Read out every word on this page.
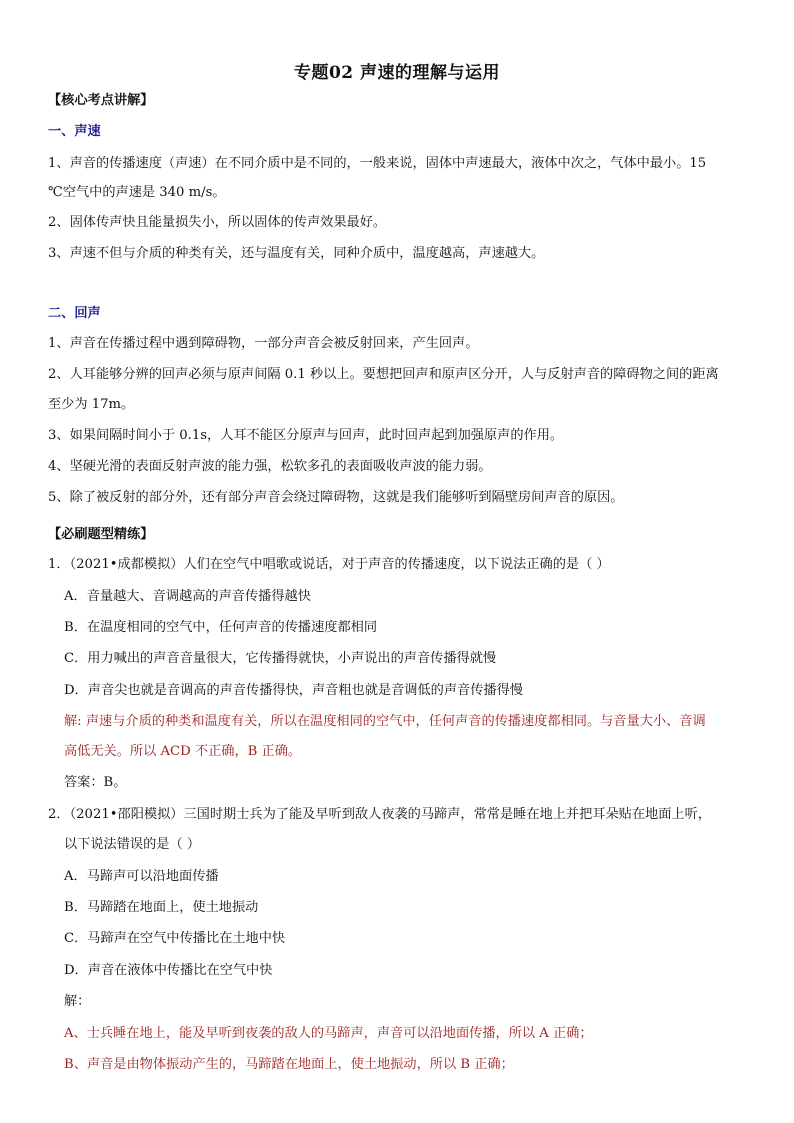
专题02 声速的理解与运用
【核心考点讲解】
一、声速
1、声音的传播速度（声速）在不同介质中是不同的，一般来说，固体中声速最大，液体中次之，气体中最小。15
℃空气中的声速是 340 m/s。
2、固体传声快且能量损失小，所以固体的传声效果最好。
3、声速不但与介质的种类有关，还与温度有关，同种介质中，温度越高，声速越大。
二、回声
1、声音在传播过程中遇到障碍物，一部分声音会被反射回来，产生回声。
2、人耳能够分辨的回声必须与原声间隔 0.1 秒以上。要想把回声和原声区分开，人与反射声音的障碍物之间的距离
至少为 17m。
3、如果间隔时间小于 0.1s，人耳不能区分原声与回声，此时回声起到加强原声的作用。
4、坚硬光滑的表面反射声波的能力强，松软多孔的表面吸收声波的能力弱。
5、除了被反射的部分外，还有部分声音会绕过障碍物，这就是我们能够听到隔壁房间声音的原因。
【必刷题型精练】
1．（2021•成都模拟）人们在空气中唱歌或说话，对于声音的传播速度，以下说法正确的是（ ）
A．音量越大、音调越高的声音传播得越快
B．在温度相同的空气中，任何声音的传播速度都相同
C．用力喊出的声音音量很大，它传播得就快，小声说出的声音传播得就慢
D．声音尖也就是音调高的声音传播得快，声音粗也就是音调低的声音传播得慢
解: 声速与介质的种类和温度有关，所以在温度相同的空气中，任何声音的传播速度都相同。与音量大小、音调
高低无关。所以 ACD 不正确，B 正确。
答案：B。
2．（2021•邵阳模拟）三国时期士兵为了能及早听到敌人夜袭的马蹄声，常常是睡在地上并把耳朵贴在地面上听，
以下说法错误的是（ ）
A．马蹄声可以沿地面传播
B．马蹄踏在地面上，使土地振动
C．马蹄声在空气中传播比在土地中快
D．声音在液体中传播比在空气中快
解：
A、士兵睡在地上，能及早听到夜袭的敌人的马蹄声，声音可以沿地面传播，所以 A 正确；
B、声音是由物体振动产生的，马蹄踏在地面上，使土地振动，所以 B 正确；
